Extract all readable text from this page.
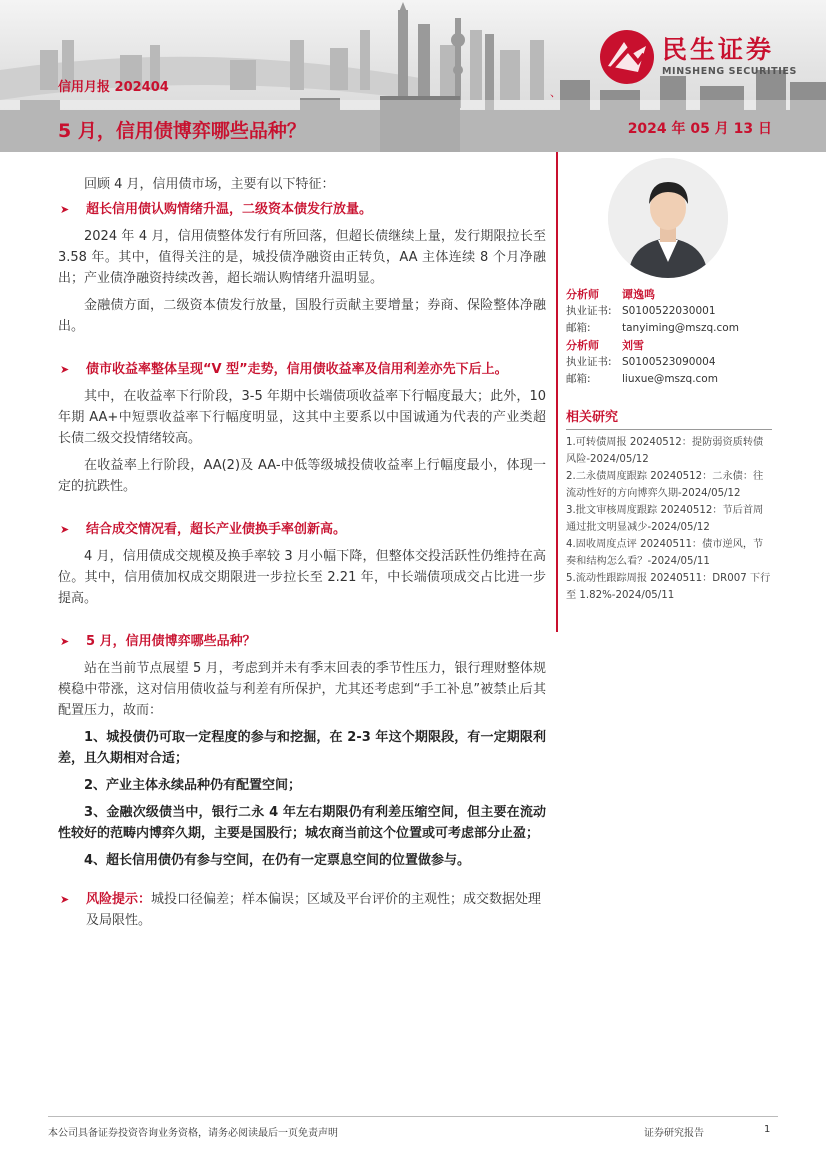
信用月报 202404	、
5 月，信用债博弈哪些品种？	2024 年 05 月 13 日
民生证券
MINSHENG SECURITIES
回顾 4 月，信用债市场，主要有以下特征：
➤	超长信用债认购情绪升温，二级资本债发行放量。
2024 年 4 月，信用债整体发行有所回落，但超长债继续上量，发行期限拉长至 3.58 年。其中，值得关注的是，城投债净融资由正转负，AA 主体连续 8 个月净融出；产业债净融资持续改善，超长端认购情绪升温明显。
金融债方面，二级资本债发行放量，国股行贡献主要增量；券商、保险整体净融出。
➤	债市收益率整体呈现“V 型”走势，信用债收益率及信用利差亦先下后上。
其中，在收益率下行阶段，3-5 年期中长端债项收益率下行幅度最大；此外，10 年期 AA+中短票收益率下行幅度明显，这其中主要系以中国诚通为代表的产业类超长债二级交投情绪较高。
在收益率上行阶段，AA(2)及 AA-中低等级城投债收益率上行幅度最小，体现一定的抗跌性。
➤	结合成交情况看，超长产业债换手率创新高。
4 月，信用债成交规模及换手率较 3 月小幅下降，但整体交投活跃性仍维持在高位。其中，信用债加权成交期限进一步拉长至 2.21 年，中长端债项成交占比进一步提高。
➤	5 月，信用债博弈哪些品种？
站在当前节点展望 5 月，考虑到并未有季末回表的季节性压力，银行理财整体规模稳中带涨，这对信用债收益与利差有所保护，尤其还考虑到“手工补息”被禁止后其配置压力，故而：
1、城投债仍可取一定程度的参与和挖掘，在 2-3 年这个期限段，有一定期限利差，且久期相对合适；
2、产业主体永续品种仍有配置空间；
3、金融次级债当中，银行二永 4 年左右期限仍有利差压缩空间，但主要在流动性较好的范畴内博弈久期，主要是国股行；城农商当前这个位置或可考虑部分止盈；
4、超长信用债仍有参与空间，在仍有一定票息空间的位置做参与。
➤	风险提示：城投口径偏差；样本偏误；区域及平台评价的主观性；成交数据处理及局限性。
分析师	谭逸鸣
执业证书: S0100522030001
邮箱:	tanyiming@mszq.com
分析师	刘雪
执业证书: S0100523090004
邮箱:	liuxue@mszq.com
相关研究
1.可转债周报 20240512：提防弱资质转债风险-2024/05/12
2.二永债周度跟踪 20240512：二永债：往流动性好的方向博弈久期-2024/05/12
3.批文审核周度跟踪 20240512：节后首周通过批文明显减少-2024/05/12
4.固收周度点评 20240511：债市逆风，节奏和结构怎么看？-2024/05/11
5.流动性跟踪周报 20240511：DR007 下行至 1.82%-2024/05/11
本公司具备证券投资咨询业务资格，请务必阅读最后一页免责声明	证券研究报告	1
